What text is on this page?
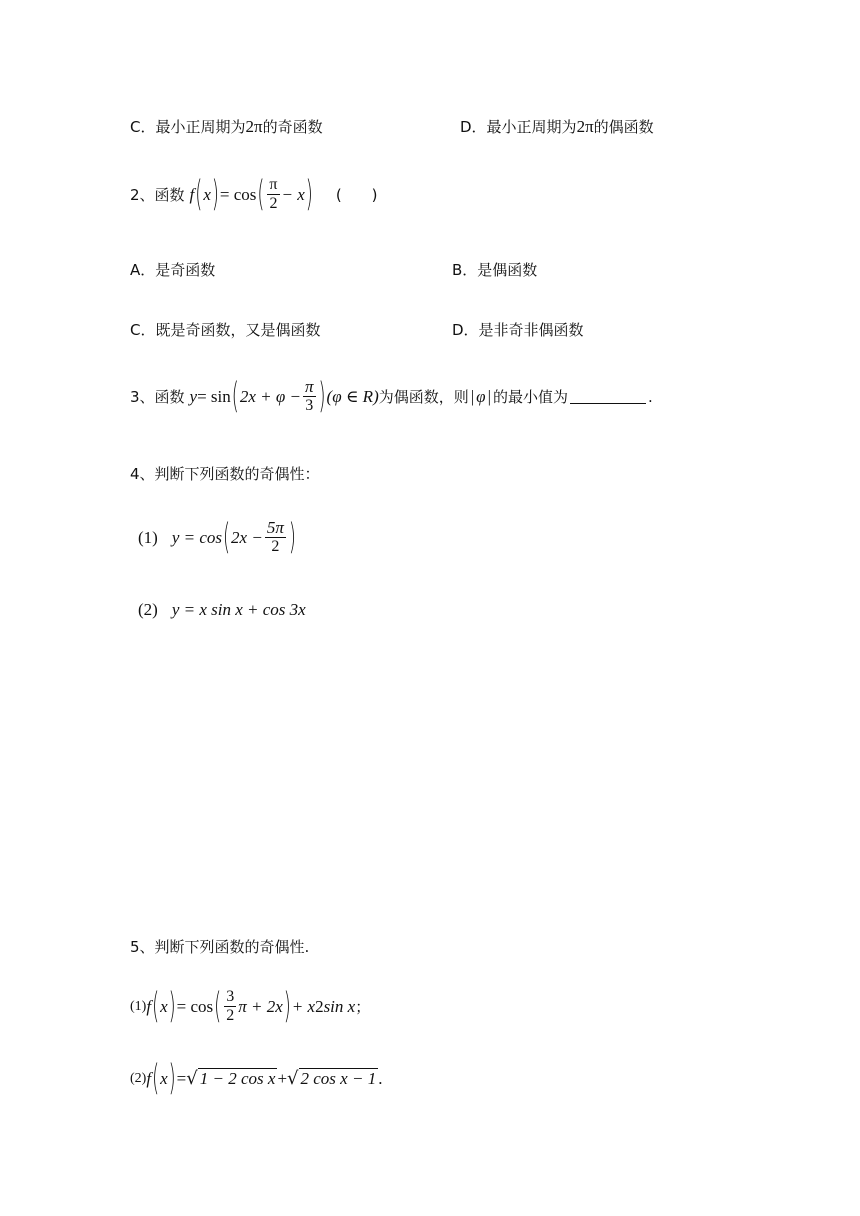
C．最小正周期为 2π 的奇函数	D．最小正周期为 2π 的偶函数
2、函数 f ( x ) = cos ( $\frac{\pi}{2} - x$ ) (　　)
A．是奇函数	B．是偶函数
C．既是奇函数，又是偶函数	D．是非奇非偶函数
3、函数 y = sin ( $2x + \varphi - \frac{\pi}{3}$ ) (φ ∈ R) 为偶函数，则 | φ | 的最小值为	.
4、判断下列函数的奇偶性：
(1) y = cos ( $2x - \frac{5\pi}{2}$ )
(2) y = x sin x + cos 3x
5、判断下列函数的奇偶性.
(1) f ( x ) = cos ( $\frac{3}{2}$ π + 2x ) + x 2 sin x ；
(2) f ( x ) = √ 1 − 2 cos x + √ 2 cos x − 1 .
